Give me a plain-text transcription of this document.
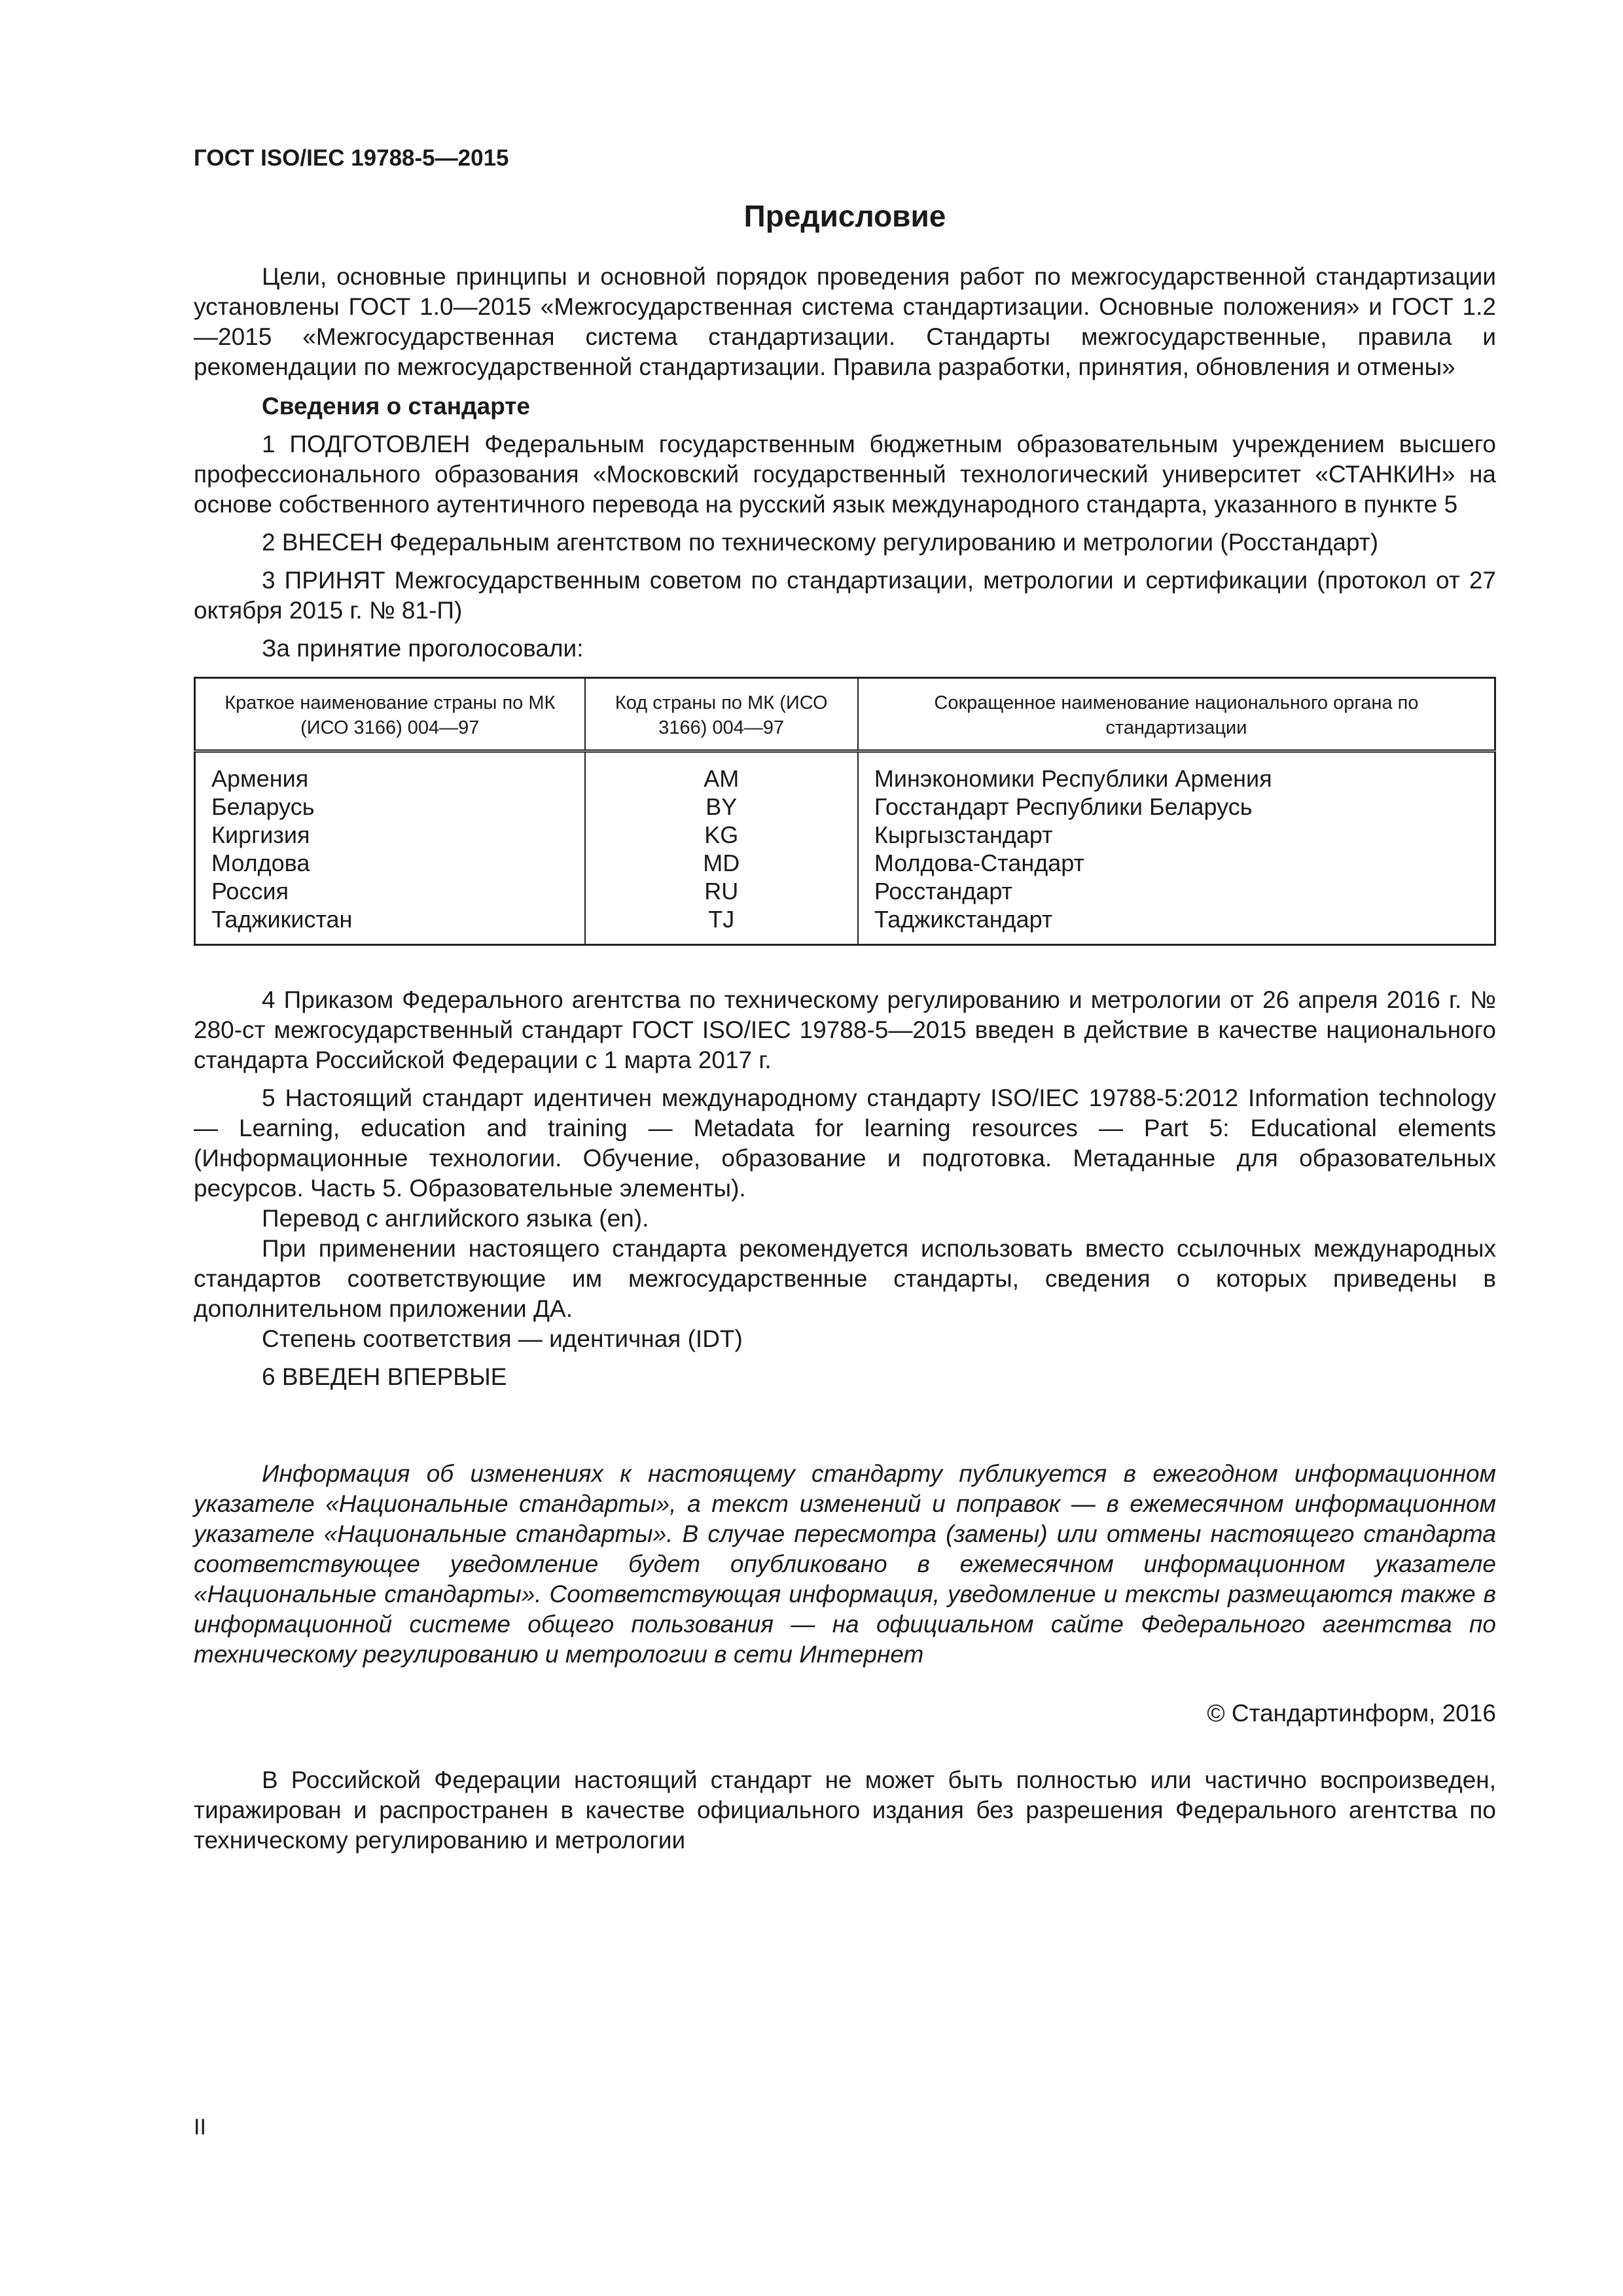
ГОСТ ISO/IEC 19788-5—2015
Предисловие

Цели, основные принципы и основной порядок проведения работ по межгосударственной стандартизации установлены ГОСТ 1.0—2015 «Межгосударственная система стандартизации. Основные положения» и ГОСТ 1.2—2015 «Межгосударственная система стандартизации. Стандарты межгосударственные, правила и рекомендации по межгосударственной стандартизации. Правила разработки, принятия, обновления и отмены»

Сведения о стандарте

1 ПОДГОТОВЛЕН Федеральным государственным бюджетным образовательным учреждением высшего профессионального образования «Московский государственный технологический университет «СТАНКИН» на основе собственного аутентичного перевода на русский язык международного стандарта, указанного в пункте 5

2 ВНЕСЕН Федеральным агентством по техническому регулированию и метрологии (Росстандарт)

3 ПРИНЯТ Межгосударственным советом по стандартизации, метрологии и сертификации (протокол от 27 октября 2015 г. № 81-П)

За принятие проголосовали:

Краткое наименование страны по МК (ИСО 3166) 004—97	Код страны по МК (ИСО 3166) 004—97	Сокращенное наименование национального органа по стандартизации
Армения	AM	Минэкономики Республики Армения
Беларусь	BY	Госстандарт Республики Беларусь
Киргизия	KG	Кыргызстандарт
Молдова	MD	Молдова-Стандарт
Россия	RU	Росстандарт
Таджикистан	TJ	Таджикстандарт

4 Приказом Федерального агентства по техническому регулированию и метрологии от 26 апреля 2016 г. № 280-ст межгосударственный стандарт ГОСТ ISO/IEC 19788-5—2015 введен в действие в качестве национального стандарта Российской Федерации с 1 марта 2017 г.

5 Настоящий стандарт идентичен международному стандарту ISO/IEC 19788-5:2012 Information technology — Learning, education and training — Metadata for learning resources — Part 5: Educational elements (Информационные технологии. Обучение, образование и подготовка. Метаданные для образовательных ресурсов. Часть 5. Образовательные элементы).

Перевод с английского языка (en).

При применении настоящего стандарта рекомендуется использовать вместо ссылочных международных стандартов соответствующие им межгосударственные стандарты, сведения о которых приведены в дополнительном приложении ДА.

Степень соответствия — идентичная (IDT)

6 ВВЕДЕН ВПЕРВЫЕ

Информация об изменениях к настоящему стандарту публикуется в ежегодном информационном указателе «Национальные стандарты», а текст изменений и поправок — в ежемесячном информационном указателе «Национальные стандарты». В случае пересмотра (замены) или отмены настоящего стандарта соответствующее уведомление будет опубликовано в ежемесячном информационном указателе «Национальные стандарты». Соответствующая информация, уведомление и тексты размещаются также в информационной системе общего пользования — на официальном сайте Федерального агентства по техническому регулированию и метрологии в сети Интернет

© Стандартинформ, 2016

В Российской Федерации настоящий стандарт не может быть полностью или частично воспроизведен, тиражирован и распространен в качестве официального издания без разрешения Федерального агентства по техническому регулированию и метрологии

II
